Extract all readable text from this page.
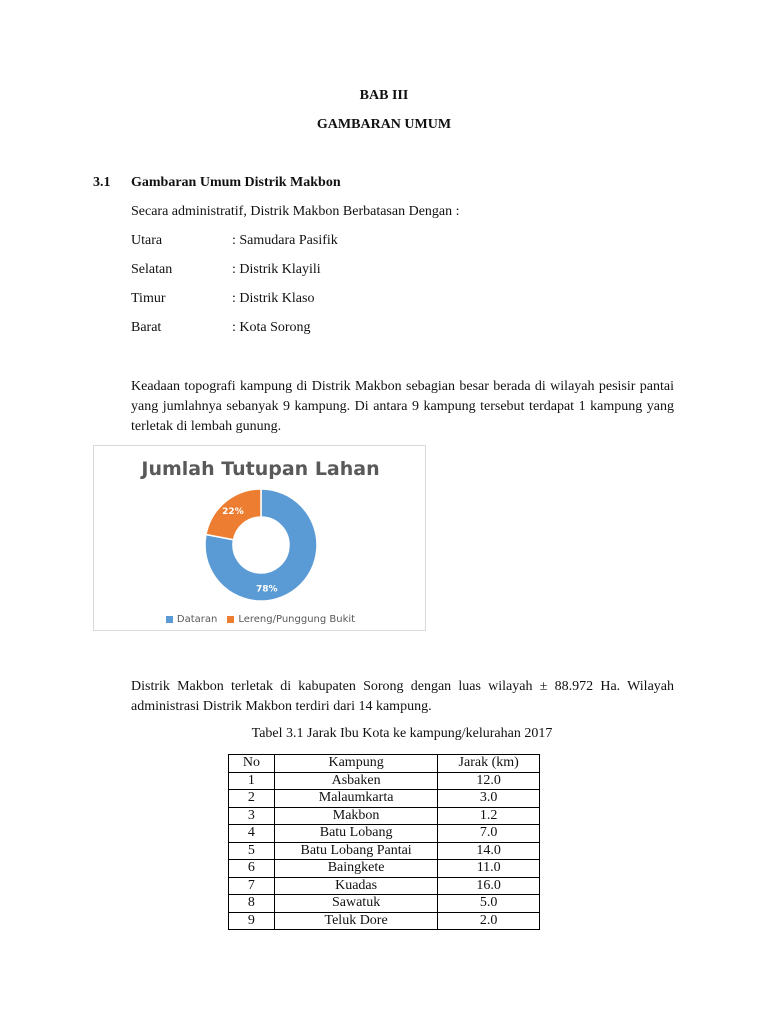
BAB III
GAMBARAN UMUM
3.1 Gambaran Umum Distrik Makbon
Secara administratif, Distrik Makbon Berbatasan Dengan :
Utara	: Samudara Pasifik
Selatan	: Distrik Klayili
Timur	: Distrik Klaso
Barat	: Kota Sorong
Keadaan topografi kampung di Distrik Makbon sebagian besar berada di wilayah pesisir pantai yang jumlahnya sebanyak 9 kampung. Di antara 9 kampung tersebut terdapat 1 kampung yang terletak di lembah gunung.
Jumlah Tutupan Lahan
78%
22%
Dataran	Lereng/Punggung Bukit
Distrik Makbon terletak di kabupaten Sorong dengan luas wilayah ± 88.972 Ha. Wilayah administrasi Distrik Makbon terdiri dari 14 kampung.
Tabel 3.1 Jarak Ibu Kota ke kampung/kelurahan 2017
No	Kampung	Jarak (km)
1	Asbaken	12.0
2	Malaumkarta	3.0
3	Makbon	1.2
4	Batu Lobang	7.0
5	Batu Lobang Pantai	14.0
6	Baingkete	11.0
7	Kuadas	16.0
8	Sawatuk	5.0
9	Teluk Dore	2.0
